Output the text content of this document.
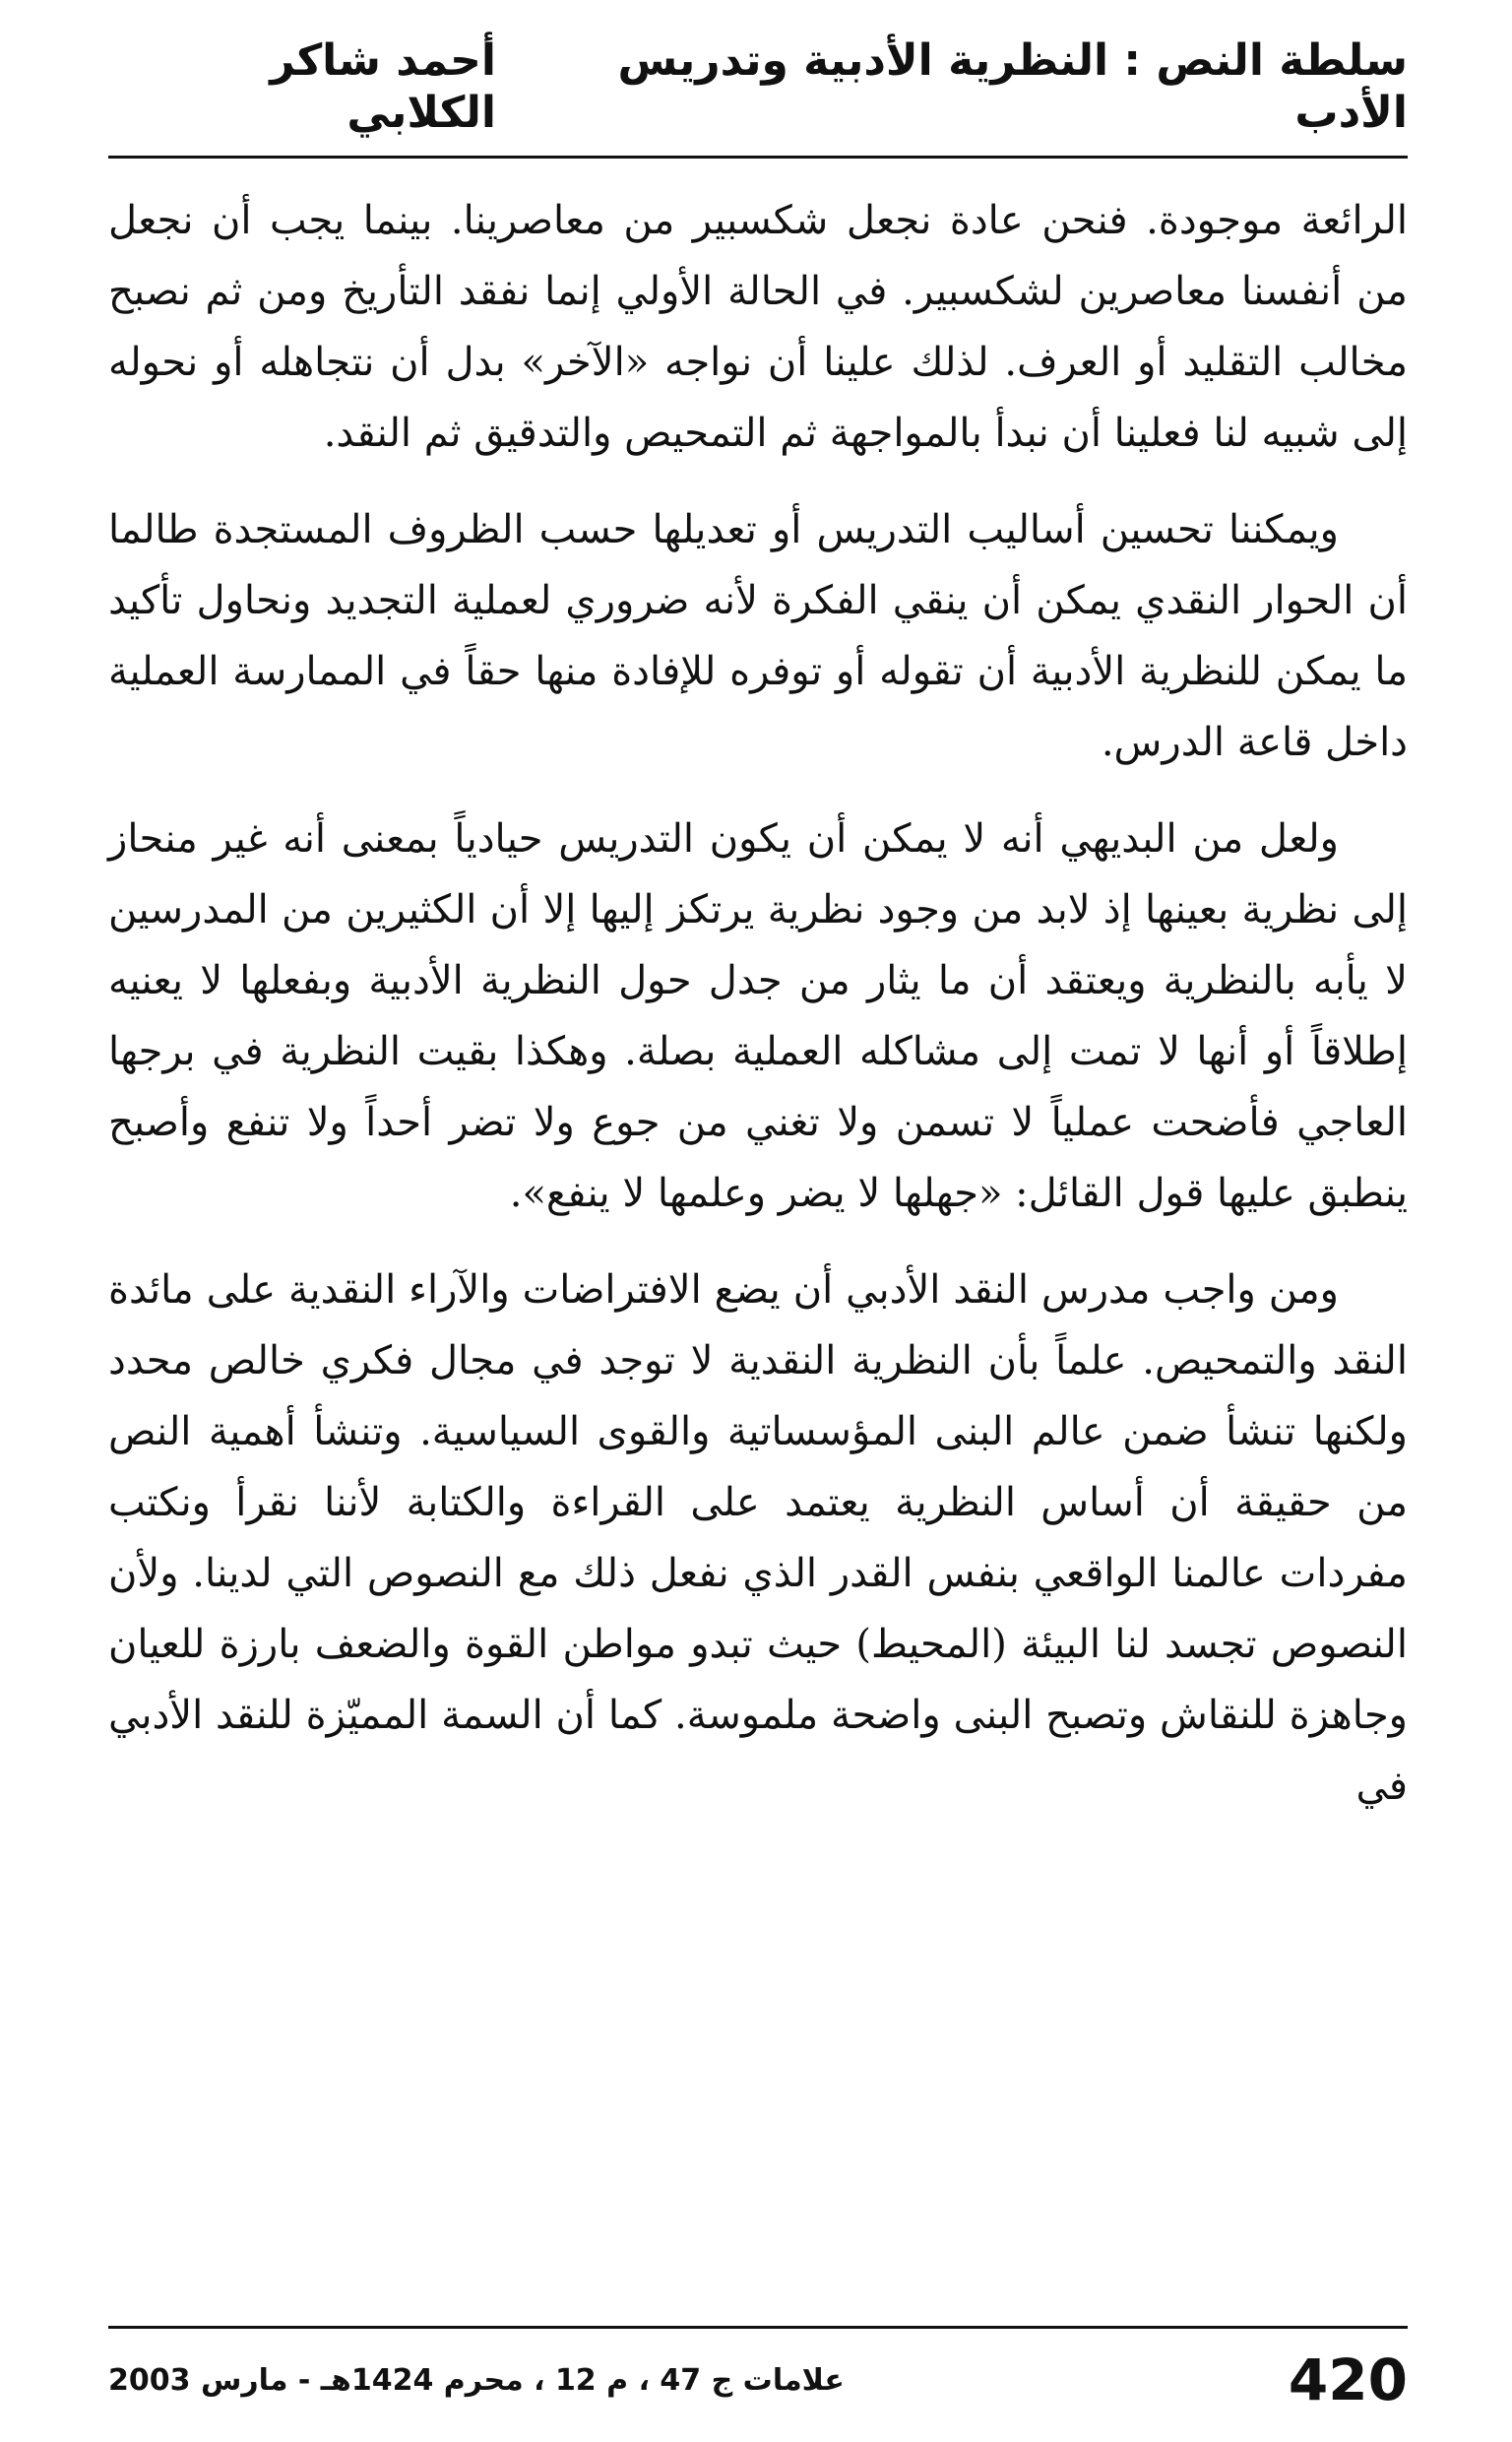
سلطة النص : النظرية الأدبية وتدريس الأدب
أحمد شاكر الكلابي

الرائعة موجودة. فنحن عادة نجعل شكسبير من معاصرينا. بينما يجب أن نجعل من أنفسنا معاصرين لشكسبير. في الحالة الأولي إنما نفقد التأريخ ومن ثم نصبح مخالب التقليد أو العرف. لذلك علينا أن نواجه «الآخر» بدل أن نتجاهله أو نحوله إلى شبيه لنا فعلينا أن نبدأ بالمواجهة ثم التمحيص والتدقيق ثم النقد.

ويمكننا تحسين أساليب التدريس أو تعديلها حسب الظروف المستجدة طالما أن الحوار النقدي يمكن أن ينقي الفكرة لأنه ضروري لعملية التجديد ونحاول تأكيد ما يمكن للنظرية الأدبية أن تقوله أو توفره للإفادة منها حقاً في الممارسة العملية داخل قاعة الدرس.

ولعل من البديهي أنه لا يمكن أن يكون التدريس حيادياً بمعنى أنه غير منحاز إلى نظرية بعينها إذ لابد من وجود نظرية يرتكز إليها إلا أن الكثيرين من المدرسين لا يأبه بالنظرية ويعتقد أن ما يثار من جدل حول النظرية الأدبية وبفعلها لا يعنيه إطلاقاً أو أنها لا تمت إلى مشاكله العملية بصلة. وهكذا بقيت النظرية في برجها العاجي فأضحت عملياً لا تسمن ولا تغني من جوع ولا تضر أحداً ولا تنفع وأصبح ينطبق عليها قول القائل: «جهلها لا يضر وعلمها لا ينفع».

ومن واجب مدرس النقد الأدبي أن يضع الافتراضات والآراء النقدية على مائدة النقد والتمحيص. علماً بأن النظرية النقدية لا توجد في مجال فكري خالص محدد ولكنها تنشأ ضمن عالم البنى المؤسساتية والقوى السياسية. وتنشأ أهمية النص من حقيقة أن أساس النظرية يعتمد على القراءة والكتابة لأننا نقرأ ونكتب مفردات عالمنا الواقعي بنفس القدر الذي نفعل ذلك مع النصوص التي لدينا. ولأن النصوص تجسد لنا البيئة (المحيط) حيث تبدو مواطن القوة والضعف بارزة للعيان وجاهزة للنقاش وتصبح البنى واضحة ملموسة. كما أن السمة المميّزة للنقد الأدبي في

420
علامات ج 47 ، م 12 ، محرم 1424هـ - مارس 2003
